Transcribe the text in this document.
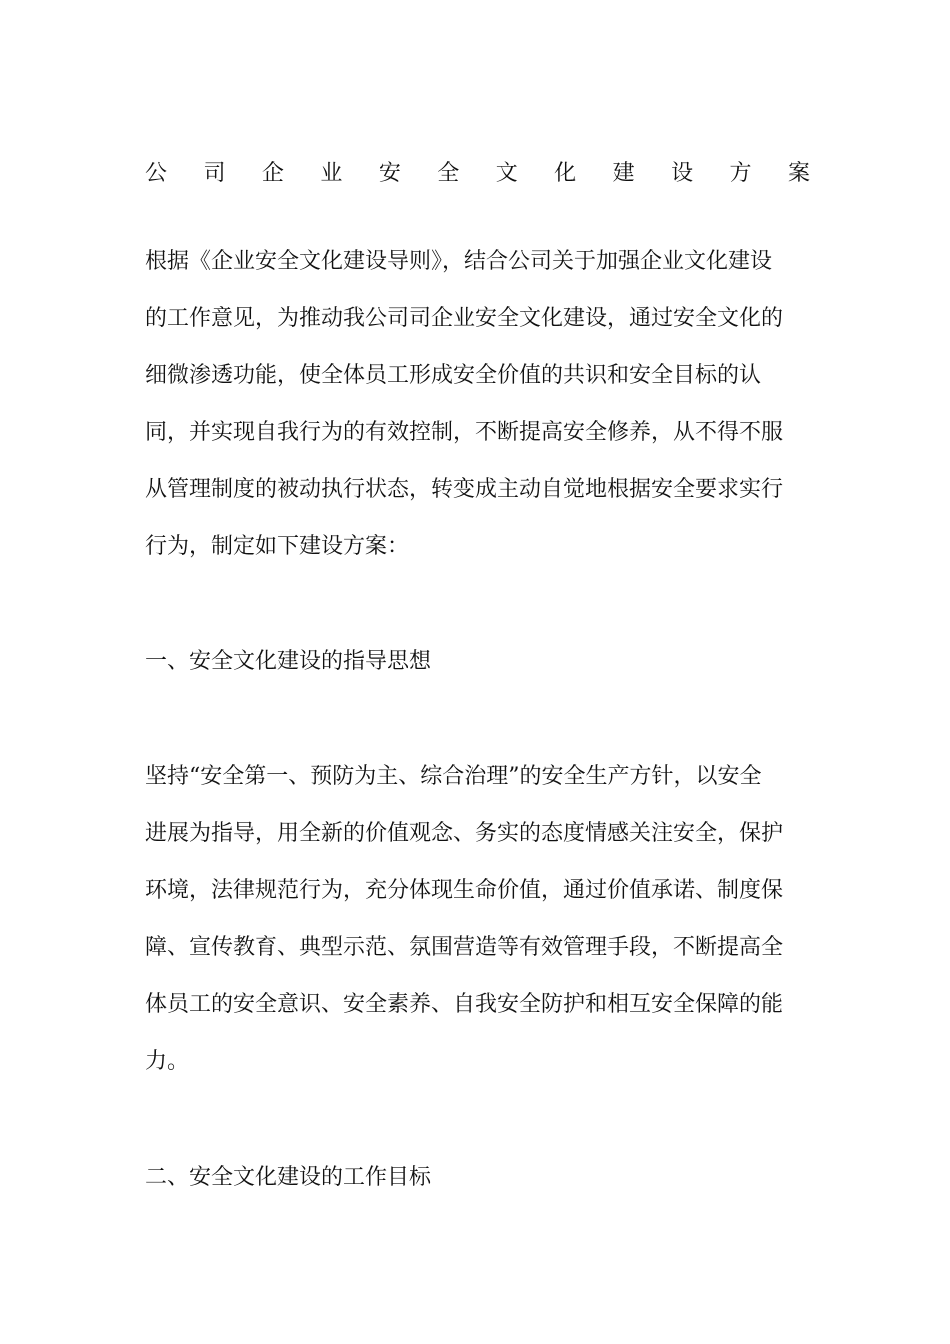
公 司 企 业 安 全 文 化 建 设 方 案
根据《企业安全文化建设导则》，结合公司关于加强企业文化建设
的工作意见，为推动我公司司企业安全文化建设，通过安全文化的
细微渗透功能，使全体员工形成安全价值的共识和安全目标的认
同，并实现自我行为的有效控制，不断提高安全修养，从不得不服
从管理制度的被动执行状态，转变成主动自觉地根据安全要求实行
行为，制定如下建设方案：
一、安全文化建设的指导思想
坚持“安全第一、预防为主、综合治理”的安全生产方针，以安全
进展为指导，用全新的价值观念、务实的态度情感关注安全，保护
环境，法律规范行为，充分体现生命价值，通过价值承诺、制度保
障、宣传教育、典型示范、氛围营造等有效管理手段，不断提高全
体员工的安全意识、安全素养、自我安全防护和相互安全保障的能
力。
二、安全文化建设的工作目标
